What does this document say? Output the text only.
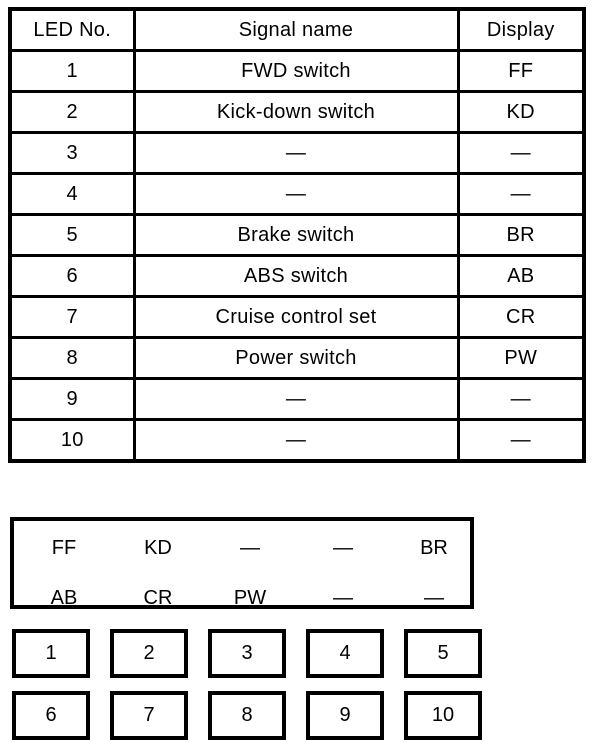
LED No.	Signal name	Display
1	FWD switch	FF
2	Kick-down switch	KD
3	—	—
4	—	—
5	Brake switch	BR
6	ABS switch	AB
7	Cruise control set	CR
8	Power switch	PW
9	—	—
10	—	—
FF	KD	—	—	BR
AB	CR	PW	—	—
1	2	3	4	5
6	7	8	9	10
